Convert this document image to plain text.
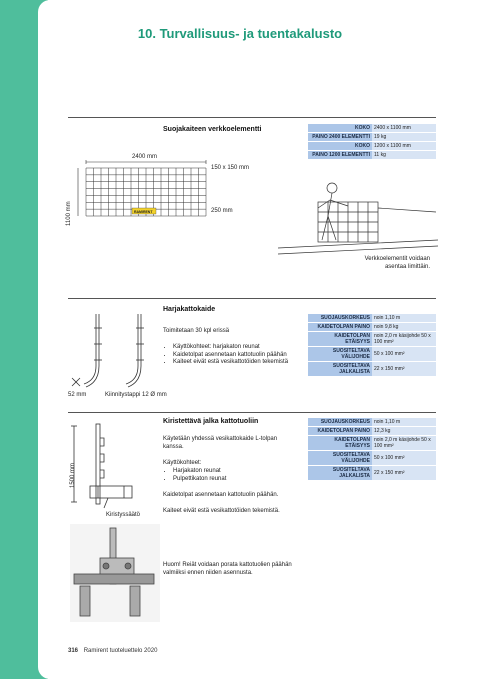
10. Turvallisuus- ja tuentakalusto
Suojakaiteen verkkoelementti	KOKO	2400 x 1100 mm
PAINO 2400 ELEMENTTI	19 kg
KOKO	1200 x 1100 mm
PAINO 1200 ELEMENTTI	11 kg
2400 mm
150 x 150 mm
1100 mm	250 mm
RAMIRENT
Verkkoelementit voidaan asentaa limittäin.
Harjakattokaide
Toimitetaan 30 kpl erissä
• Käyttökohteet: harjakaton reunat
• Kaidetolpat asennetaan kattotuolin päähän
• Kaiteet eivät estä vesikattotöiden tekemistä
SUOJAUSKORKEUS	noin 1,10 m
KAIDETOLPAN PAINO	noin 9,8 kg
KAIDETOLPAN ETÄISYYS	noin 2,0 m käsijohde 50 x 100 mm²
SUOSITELTAVA VÄLIJOHDE	50 x 100 mm²
SUOSITELTAVA JALKALISTA	22 x 150 mm²
52 mm	Kiinnitystappi 12 Ø mm
Kiristettävä jalka kattotuoliin
Käytetään yhdessä vesikattokaide L-tolpan kanssa.
Käyttökohteet:
• Harjakaton reunat
• Pulpettikaton reunat
Kaidetolpat asennetaan kattotuolin päähän.
Kaiteet eivät estä vesikattotöiden tekemistä.
SUOJAUSKORKEUS	noin 1,10 m
KAIDETOLPAN PAINO	12,3 kg
KAIDETOLPAN ETÄISYYS	noin 2,0 m käsijohde 50 x 100 mm²
SUOSITELTAVA VÄLIJOHDE	50 x 100 mm²
SUOSITELTAVA JALKALISTA	22 x 150 mm²
1500 mm
Kiristyssäätö
Huom! Reiät voidaan porata kattotuolien päähän valmiiksi ennen niiden asennusta.
316 Ramirent tuoteluettelo 2020
